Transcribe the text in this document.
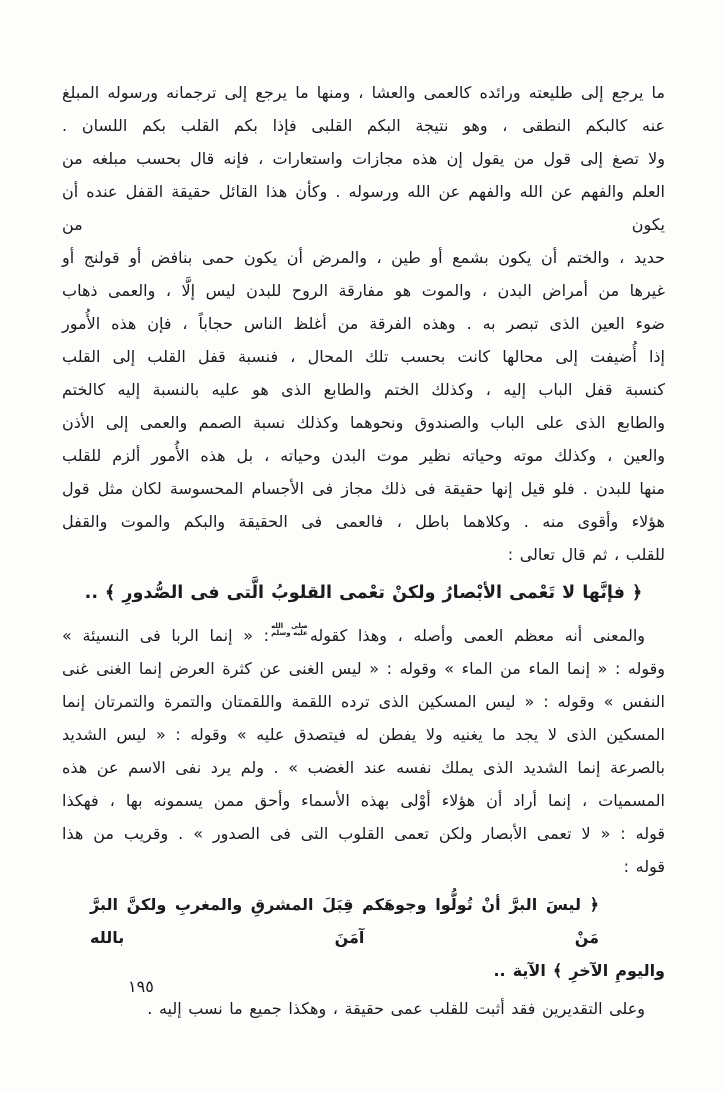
ما يرجع إلى طليعته ورائده كالعمى والعشا ، ومنها ما يرجع إلى ترجمانه ورسوله المبلغ
عنه كالبكم النطقى ، وهو نتيجة البكم القلبى فإذا بكم القلب بكم اللسان .
ولا تصغ إلى قول من يقول إن هذه مجازات واستعارات ، فإنه قال بحسب مبلغه من
العلم والفهم عن الله والفهم عن الله ورسوله . وكأن هذا القائل حقيقة القفل عنده أن يكون من
حديد ، والختم أن يكون بشمع أو طين ، والمرض أن يكون حمى بنافض أو قولنج أو
غيرها من أمراض البدن ، والموت هو مفارقة الروح للبدن ليس إلَّا ، والعمى ذهاب
ضوء العين الذى تبصر به . وهذه الفرقة من أغلظ الناس حجاباً ، فإن هذه الأُمور
إذا أُضيفت إلى محالها كانت بحسب تلك المحال ، فنسبة قفل القلب إلى القلب
كنسبة قفل الباب إليه ، وكذلك الختم والطابع الذى هو عليه بالنسبة إليه كالختم
والطابع الذى على الباب والصندوق ونحوهما وكذلك نسبة الصمم والعمى إلى الأذن
والعين ، وكذلك موته وحياته نظير موت البدن وحياته ، بل هذه الأُمور ألزم للقلب
منها للبدن . فلو قيل إنها حقيقة فى ذلك مجاز فى الأجسام المحسوسة لكان مثل قول
هؤلاء وأقوى منه . وكلاهما باطل ، فالعمى فى الحقيقة والبكم والموت والقفل
للقلب ، ثم قال تعالى :
﴿ فإنَّها لا تَعْمى الأبْصارُ ولكنْ تعْمى القلوبُ الَّتى فى الصُّدورِ ﴾ ..
والمعنى أنه معظم العمى وأصله ، وهذا كقوله
صلى الله
عليه وسلم
: « إنما الربا فى النسيئة »
وقوله : « إنما الماء من الماء » وقوله : « ليس الغنى عن كثرة العرض إنما الغنى غنى
النفس » وقوله : « ليس المسكين الذى ترده اللقمة واللقمتان والتمرة والتمرتان إنما
المسكين الذى لا يجد ما يغنيه ولا يفطن له فيتصدق عليه » وقوله : « ليس الشديد
بالصرعة إنما الشديد الذى يملك نفسه عند الغضب » . ولم يرد نفى الاسم عن هذه
المسميات ، إنما أراد أن هؤلاء أوْلى بهذه الأسماء وأحق ممن يسمونه بها ، فهكذا
قوله : « لا تعمى الأبصار ولكن تعمى القلوب التى فى الصدور » . وقريب من هذا
قوله :
﴿ ليسَ البرَّ أنْ تُولُّوا وجوهَكم قِبَلَ المشرقِ والمغربِ ولكنَّ البرَّ مَنْ آمَنَ بالله
واليومِ الآخرِ ﴾ الآية ..
وعلى التقديرين فقد أثبت للقلب عمى حقيقة ، وهكذا جميع ما نسب إليه .
١٩٥
